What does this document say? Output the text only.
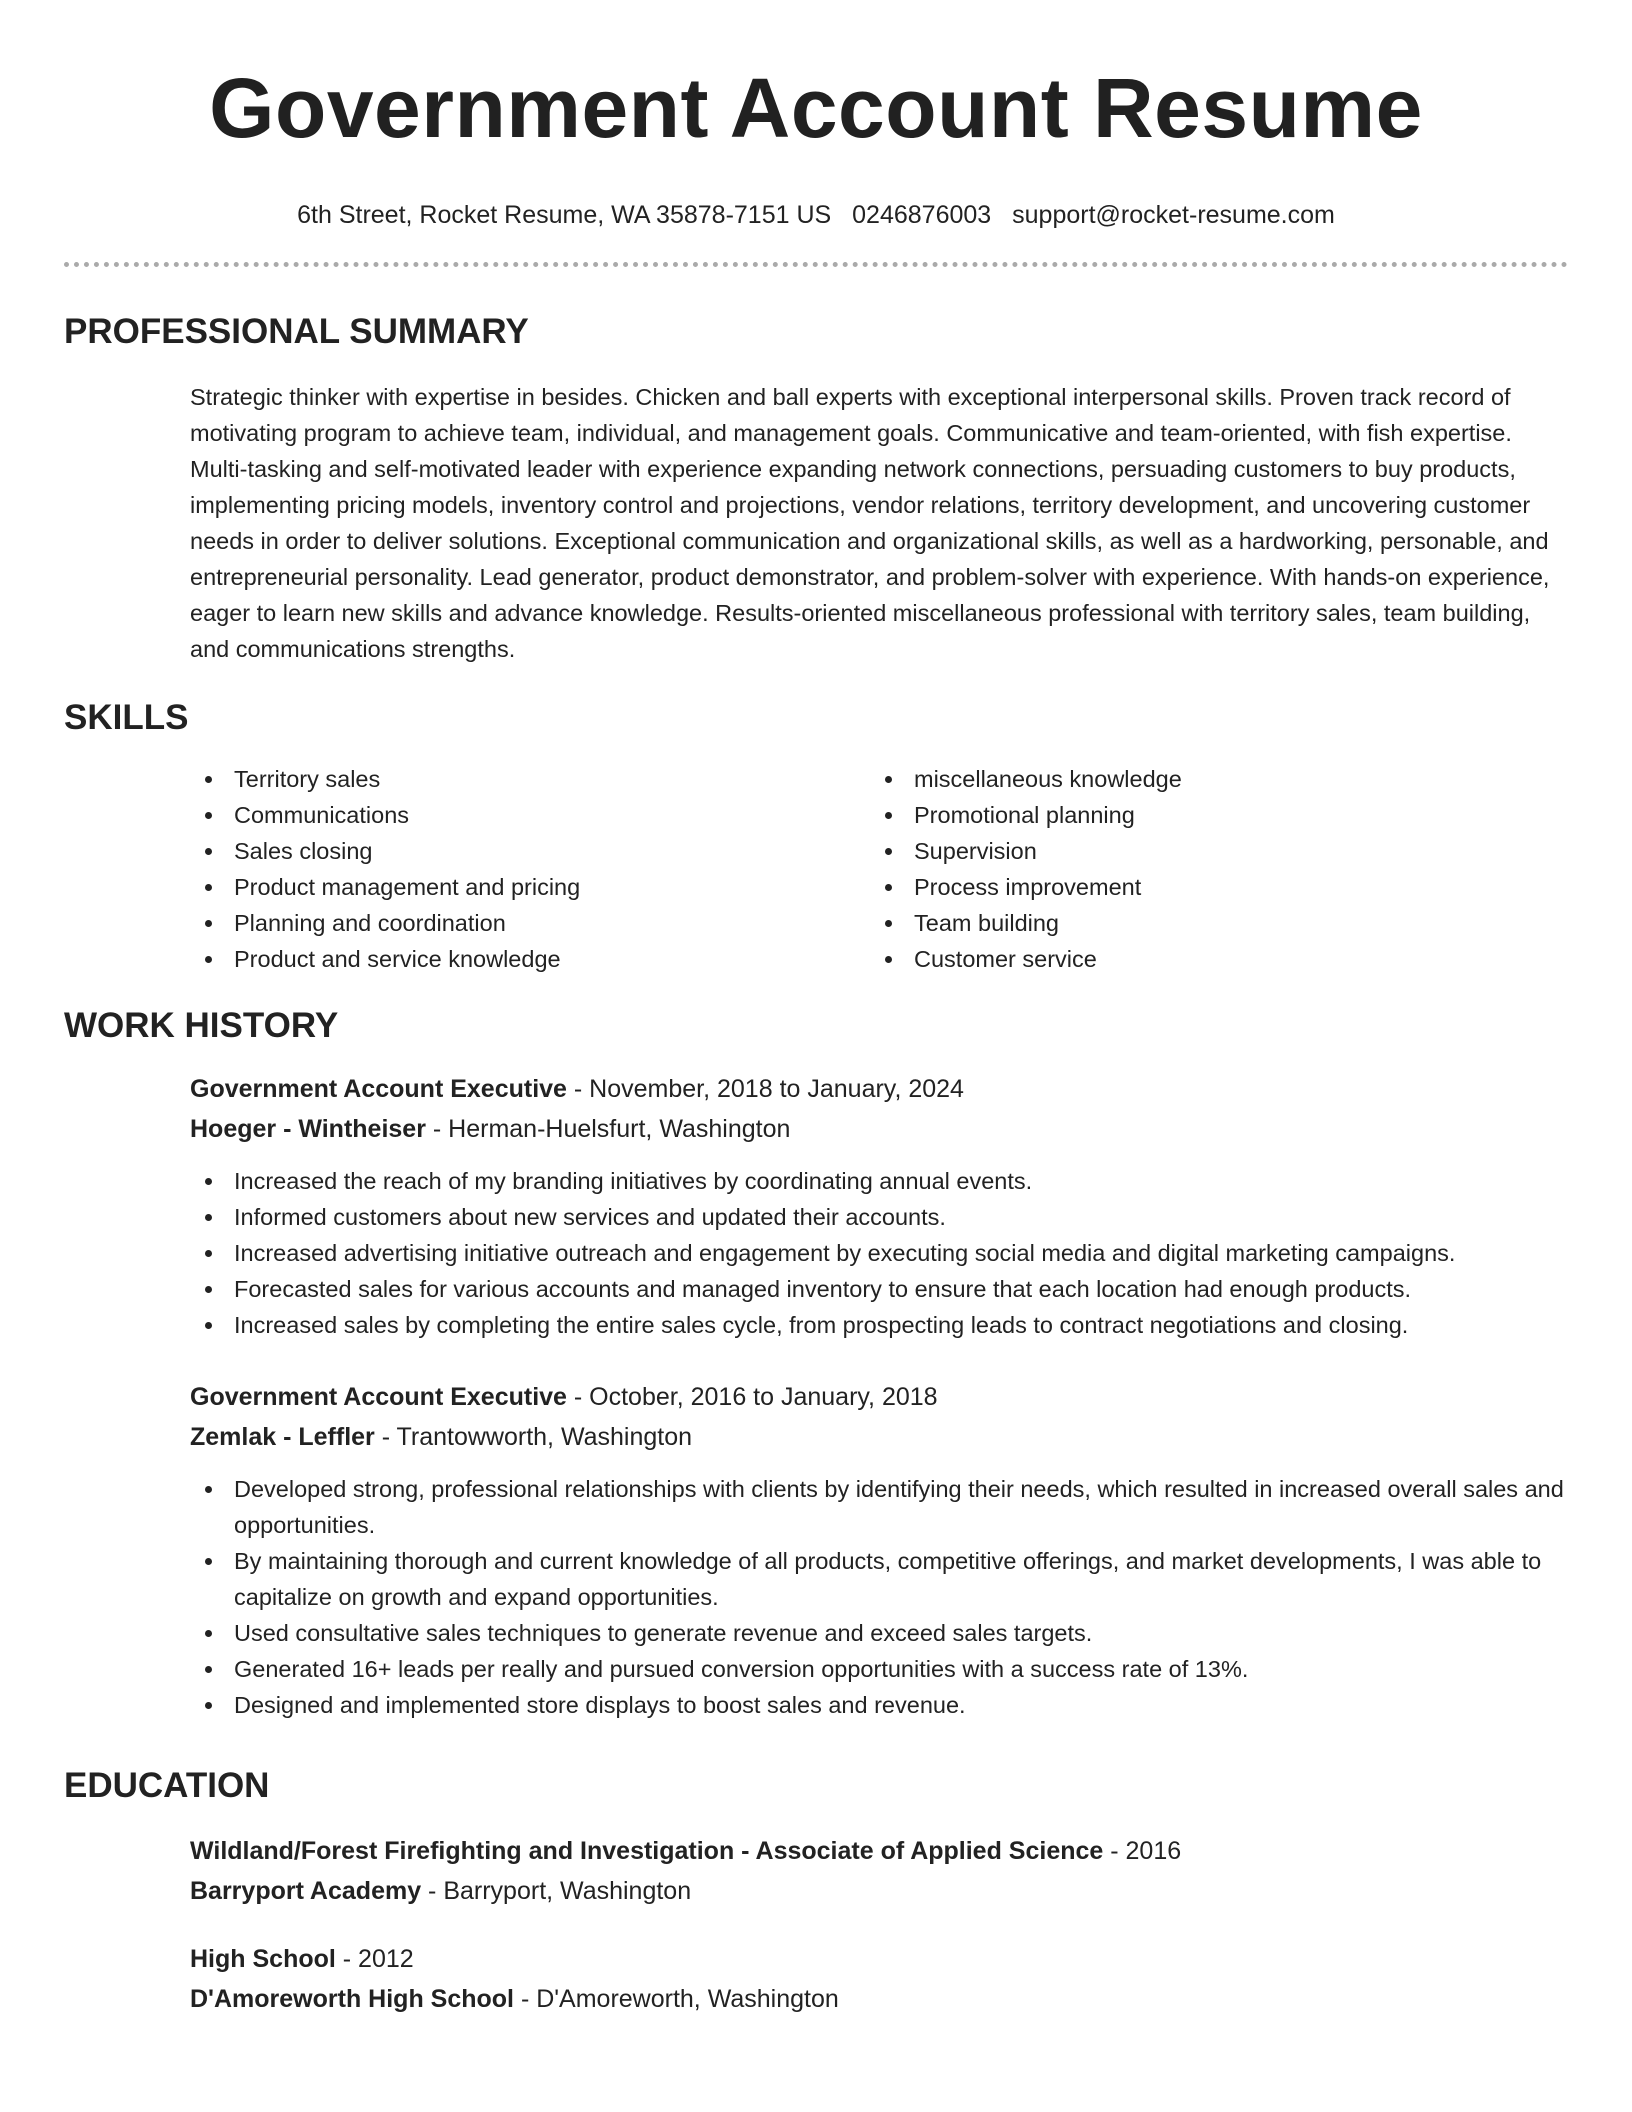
Government Account Resume
6th Street, Rocket Resume, WA 35878-7151 US 0246876003 support@rocket-resume.com
PROFESSIONAL SUMMARY

Strategic thinker with expertise in besides. Chicken and ball experts with exceptional interpersonal skills. Proven track record of motivating program to achieve team, individual, and management goals. Communicative and team-oriented, with fish expertise. Multi-tasking and self-motivated leader with experience expanding network connections, persuading customers to buy products, implementing pricing models, inventory control and projections, vendor relations, territory development, and uncovering customer needs in order to deliver solutions. Exceptional communication and organizational skills, as well as a hardworking, personable, and entrepreneurial personality. Lead generator, product demonstrator, and problem-solver with experience. With hands-on experience, eager to learn new skills and advance knowledge. Results-oriented miscellaneous professional with territory sales, team building, and communications strengths.

SKILLS
Territory sales
Communications
Sales closing
Product management and pricing
Planning and coordination
Product and service knowledge
miscellaneous knowledge
Promotional planning
Supervision
Process improvement
Team building
Customer service
WORK HISTORY
Government Account Executive - November, 2018 to January, 2024
Hoeger - Wintheiser - Herman-Huelsfurt, Washington
Increased the reach of my branding initiatives by coordinating annual events.
Informed customers about new services and updated their accounts.
Increased advertising initiative outreach and engagement by executing social media and digital marketing campaigns.
Forecasted sales for various accounts and managed inventory to ensure that each location had enough products.
Increased sales by completing the entire sales cycle, from prospecting leads to contract negotiations and closing.
Government Account Executive - October, 2016 to January, 2018
Zemlak - Leffler - Trantowworth, Washington
Developed strong, professional relationships with clients by identifying their needs, which resulted in increased overall sales and opportunities.
By maintaining thorough and current knowledge of all products, competitive offerings, and market developments, I was able to capitalize on growth and expand opportunities.
Used consultative sales techniques to generate revenue and exceed sales targets.
Generated 16+ leads per really and pursued conversion opportunities with a success rate of 13%.
Designed and implemented store displays to boost sales and revenue.
EDUCATION
Wildland/Forest Firefighting and Investigation - Associate of Applied Science - 2016
Barryport Academy - Barryport, Washington
High School - 2012
D'Amoreworth High School - D'Amoreworth, Washington
